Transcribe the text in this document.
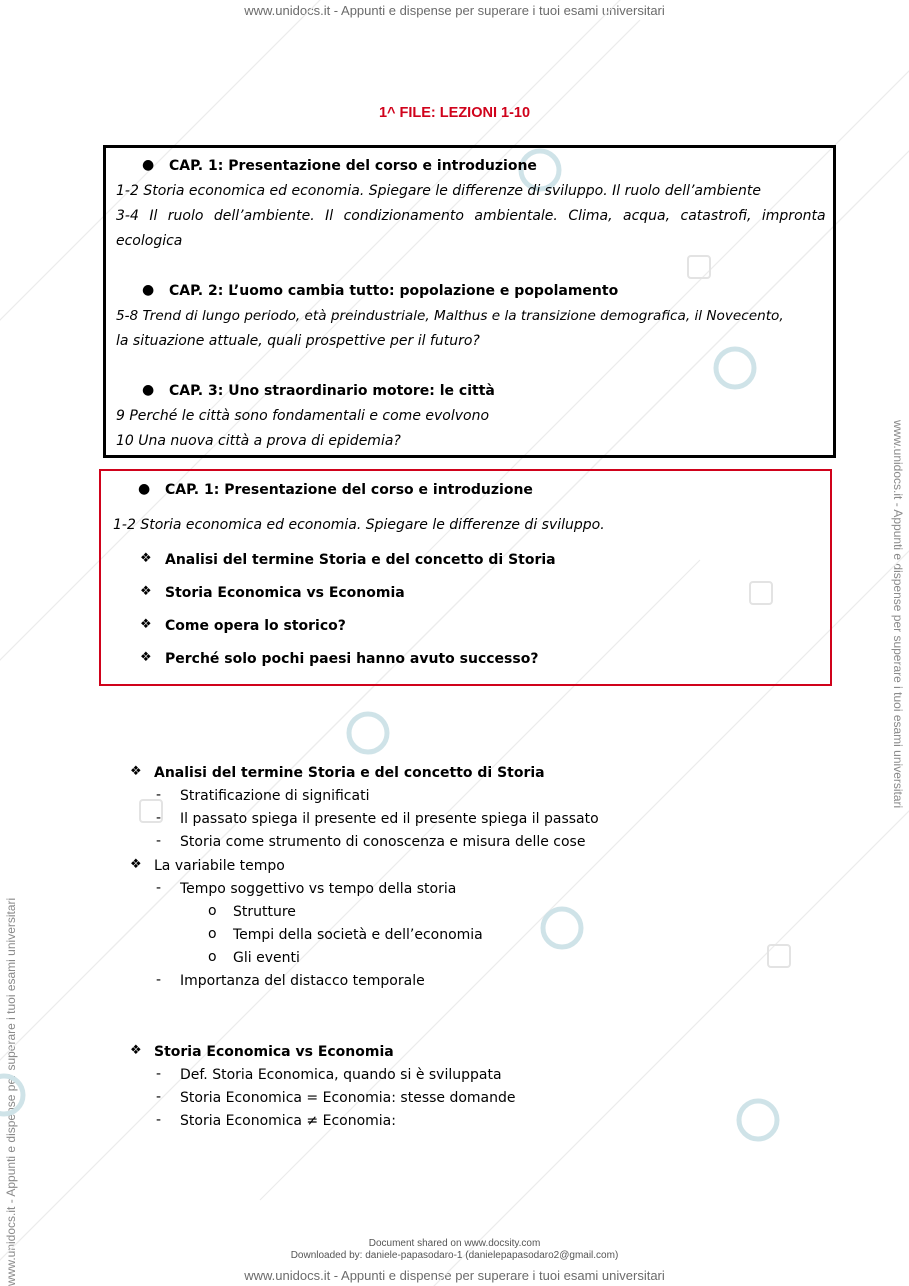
www.unidocs.it - Appunti e dispense per superare i tuoi esami universitari
www.unidocs.it - Appunti e dispense per superare i tuoi esami universitari
www.unidocs.it - Appunti e dispense per superare i tuoi esami universitari
www.unidocs.it - Appunti e dispense per superare i tuoi esami universitari
1^ FILE: LEZIONI 1-10
● CAP. 1: Presentazione del corso e introduzione
1-2 Storia economica ed economia. Spiegare le differenze di sviluppo. Il ruolo dell’ambiente
3-4 Il ruolo dell’ambiente. Il condizionamento ambientale. Clima, acqua, catastrofi, impronta
ecologica
● CAP. 2: L’uomo cambia tutto: popolazione e popolamento
5-8 Trend di lungo periodo, età preindustriale, Malthus e la transizione demografica, il Novecento,
la situazione attuale, quali prospettive per il futuro?
● CAP. 3: Uno straordinario motore: le città
9 Perché le città sono fondamentali e come evolvono
10 Una nuova città a prova di epidemia?
● CAP. 1: Presentazione del corso e introduzione
1-2 Storia economica ed economia. Spiegare le differenze di sviluppo.
❖ Analisi del termine Storia e del concetto di Storia
❖ Storia Economica vs Economia
❖ Come opera lo storico?
❖ Perché solo pochi paesi hanno avuto successo?
❖ Analisi del termine Storia e del concetto di Storia
- Stratificazione di significati
- Il passato spiega il presente ed il presente spiega il passato
- Storia come strumento di conoscenza e misura delle cose
❖ La variabile tempo
- Tempo soggettivo vs tempo della storia
o Strutture
o Tempi della società e dell’economia
o Gli eventi
- Importanza del distacco temporale
❖ Storia Economica vs Economia
- Def. Storia Economica, quando si è sviluppata
- Storia Economica = Economia: stesse domande
- Storia Economica ≠ Economia:
Document shared on www.docsity.com
Downloaded by: daniele-papasodaro-1 (danielepapasodaro2@gmail.com)
